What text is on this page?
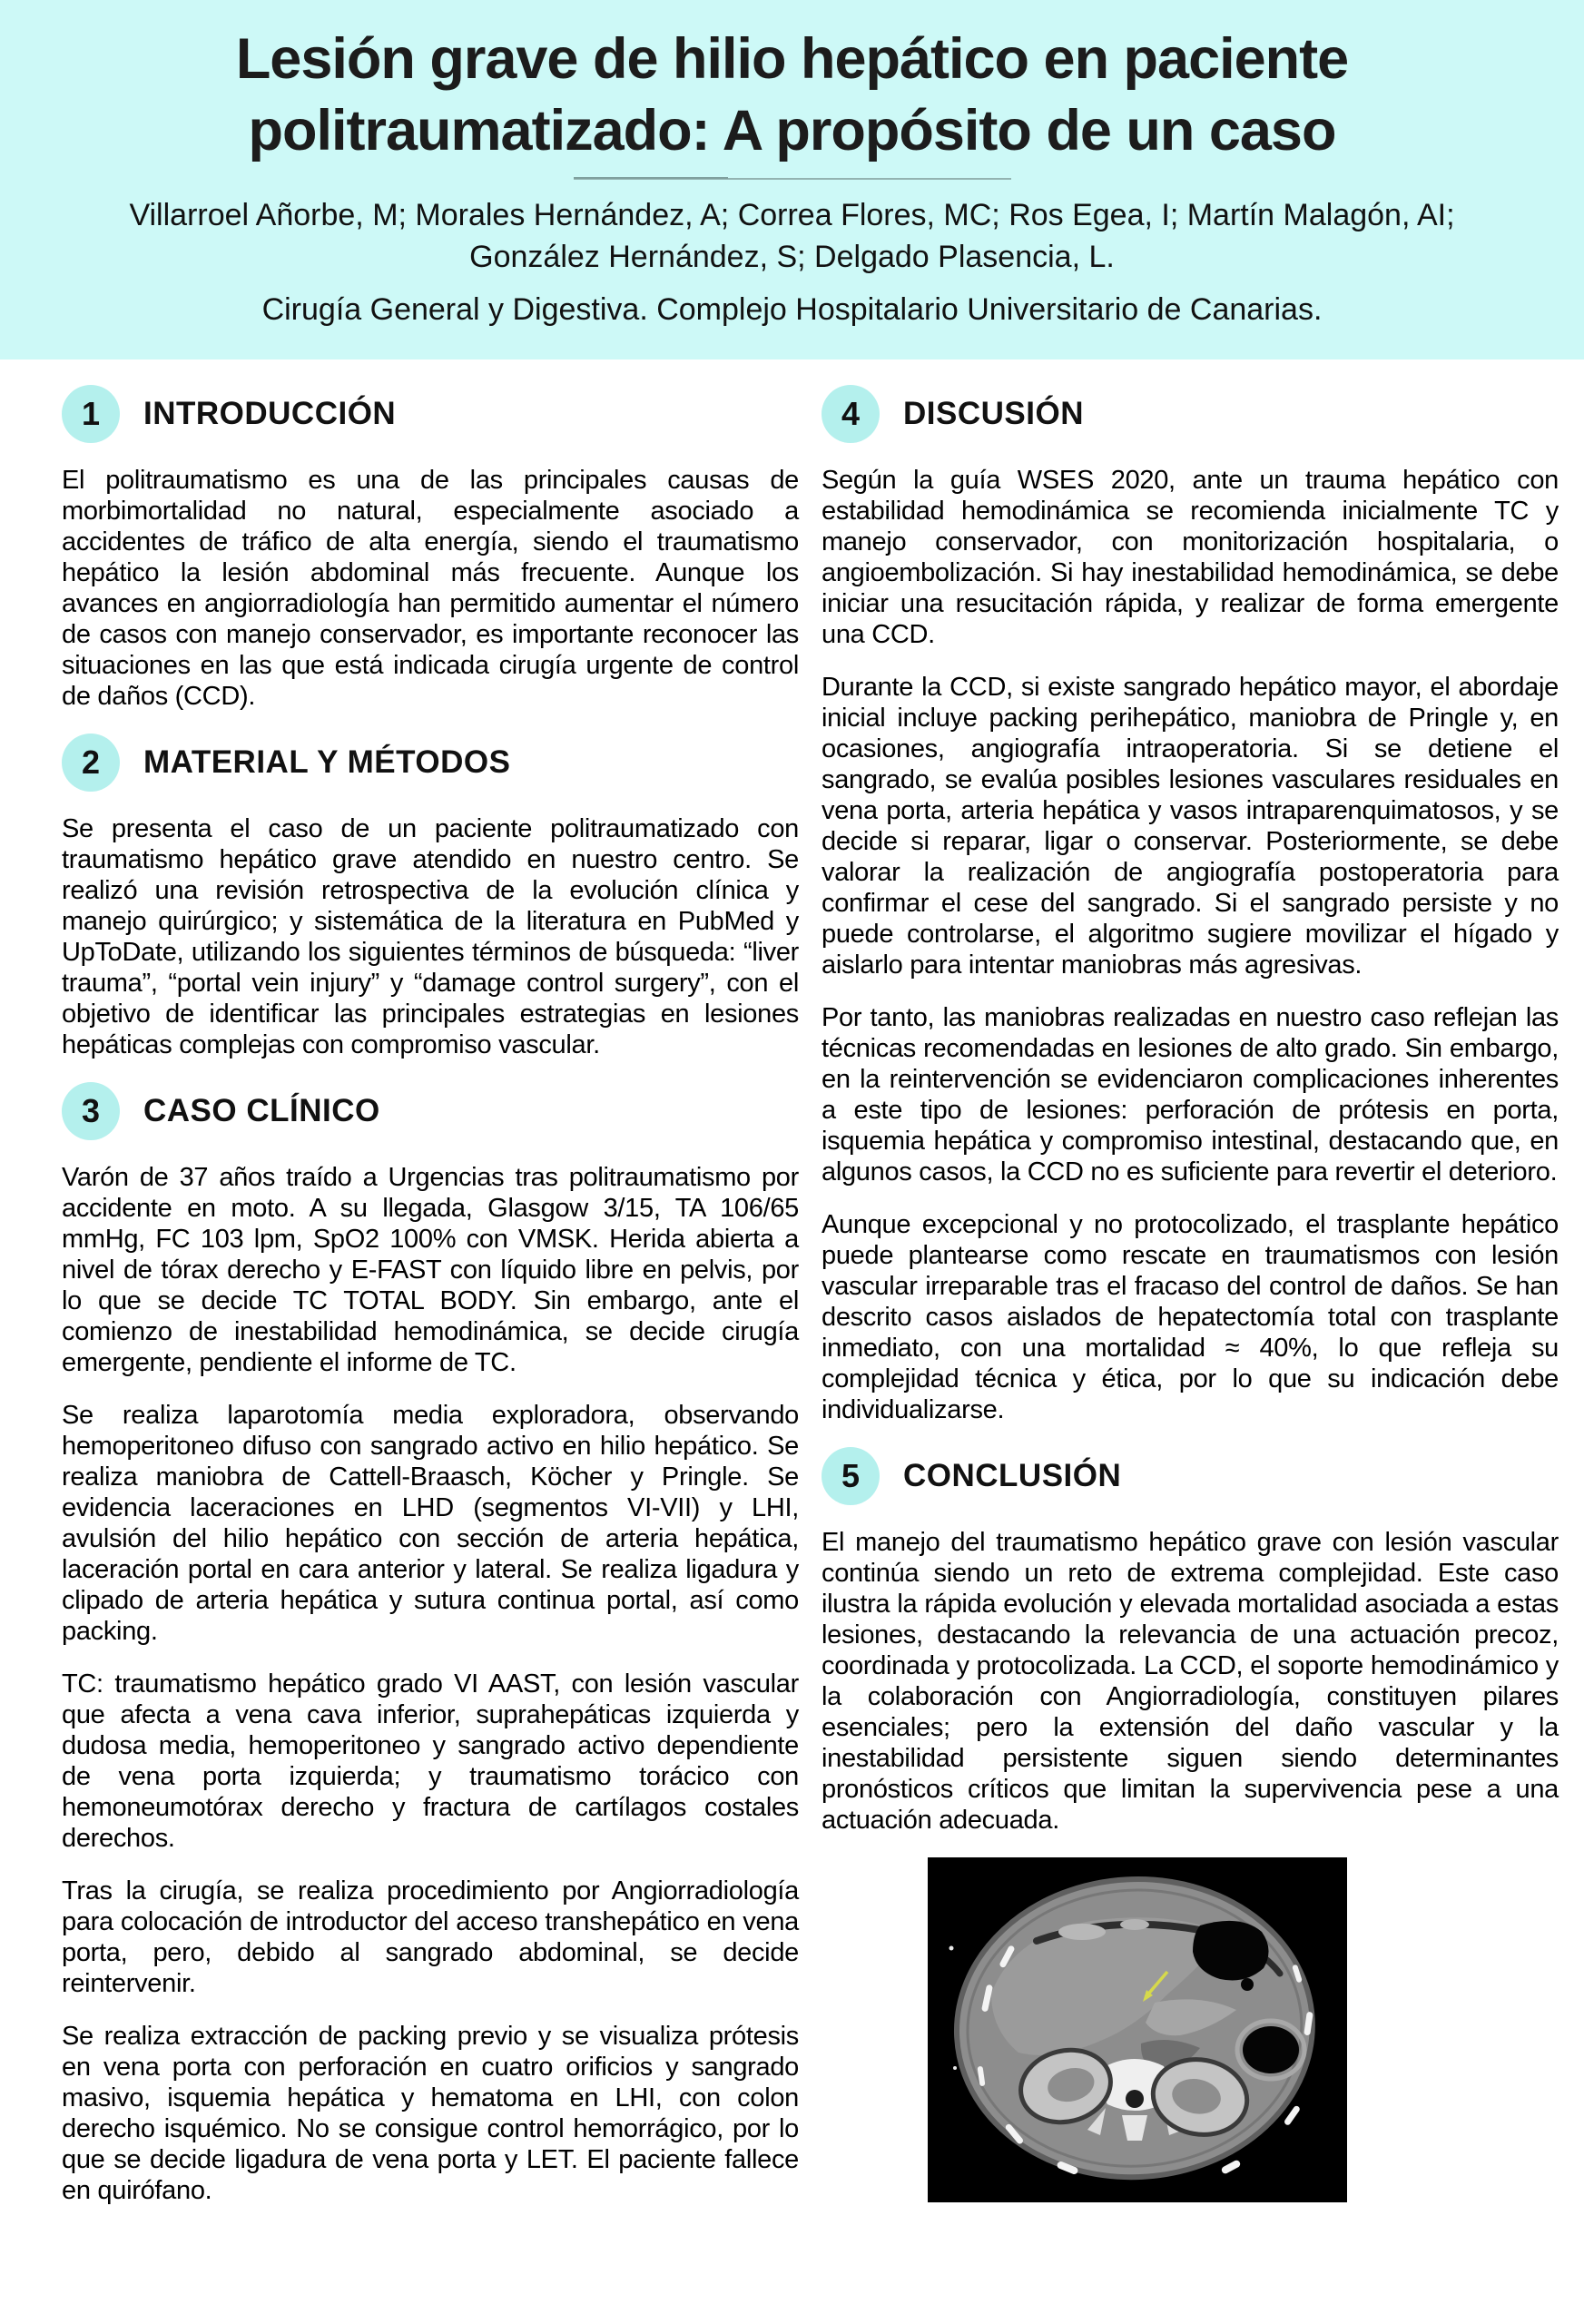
Lesión grave de hilio hepático en paciente
politraumatizado: A propósito de un caso
Villarroel Añorbe, M; Morales Hernández, A; Correa Flores, MC; Ros Egea, I; Martín Malagón, AI;
González Hernández, S; Delgado Plasencia, L.
Cirugía General y Digestiva. Complejo Hospitalario Universitario de Canarias.
1	INTRODUCCIÓN

El politraumatismo es una de las principales causas de morbimortalidad no natural, especialmente asociado a accidentes de tráfico de alta energía, siendo el traumatismo hepático la lesión abdominal más frecuente. Aunque los avances en angiorradiología han permitido aumentar el número de casos con manejo conservador, es importante reconocer las situaciones en las que está indicada cirugía urgente de control de daños (CCD).

2	MATERIAL Y MÉTODOS

Se presenta el caso de un paciente politraumatizado con traumatismo hepático grave atendido en nuestro centro. Se realizó una revisión retrospectiva de la evolución clínica y manejo quirúrgico; y sistemática de la literatura en PubMed y UpToDate, utilizando los siguientes términos de búsqueda: “liver trauma”, “portal vein injury” y “damage control surgery”, con el objetivo de identificar las principales estrategias en lesiones hepáticas complejas con compromiso vascular.

3	CASO CLÍNICO

Varón de 37 años traído a Urgencias tras politraumatismo por accidente en moto. A su llegada, Glasgow 3/15, TA 106/65 mmHg, FC 103 lpm, SpO2 100% con VMSK. Herida abierta a nivel de tórax derecho y E-FAST con líquido libre en pelvis, por lo que se decide TC TOTAL BODY. Sin embargo, ante el comienzo de inestabilidad hemodinámica, se decide cirugía emergente, pendiente el informe de TC.

Se realiza laparotomía media exploradora, observando hemoperitoneo difuso con sangrado activo en hilio hepático. Se realiza maniobra de Cattell-Braasch, Köcher y Pringle. Se evidencia laceraciones en LHD (segmentos VI-VII) y LHI, avulsión del hilio hepático con sección de arteria hepática, laceración portal en cara anterior y lateral. Se realiza ligadura y clipado de arteria hepática y sutura continua portal, así como packing.

TC: traumatismo hepático grado VI AAST, con lesión vascular que afecta a vena cava inferior, suprahepáticas izquierda y dudosa media, hemoperitoneo y sangrado activo dependiente de vena porta izquierda; y traumatismo torácico con hemoneumotórax derecho y fractura de cartílagos costales derechos.

Tras la cirugía, se realiza procedimiento por Angiorradiología para colocación de introductor del acceso transhepático en vena porta, pero, debido al sangrado abdominal, se decide reintervenir.

Se realiza extracción de packing previo y se visualiza prótesis en vena porta con perforación en cuatro orificios y sangrado masivo, isquemia hepática y hematoma en LHI, con colon derecho isquémico. No se consigue control hemorrágico, por lo que se decide ligadura de vena porta y LET. El paciente fallece en quirófano.

4	DISCUSIÓN

Según la guía WSES 2020, ante un trauma hepático con estabilidad hemodinámica se recomienda inicialmente TC y manejo conservador, con monitorización hospitalaria, o angioembolización. Si hay inestabilidad hemodinámica, se debe iniciar una resucitación rápida, y realizar de forma emergente una CCD.

Durante la CCD, si existe sangrado hepático mayor, el abordaje inicial incluye packing perihepático, maniobra de Pringle y, en ocasiones, angiografía intraoperatoria. Si se detiene el sangrado, se evalúa posibles lesiones vasculares residuales en vena porta, arteria hepática y vasos intraparenquimatosos, y se decide si reparar, ligar o conservar. Posteriormente, se debe valorar la realización de angiografía postoperatoria para confirmar el cese del sangrado. Si el sangrado persiste y no puede controlarse, el algoritmo sugiere movilizar el hígado y aislarlo para intentar maniobras más agresivas.

Por tanto, las maniobras realizadas en nuestro caso reflejan las técnicas recomendadas en lesiones de alto grado. Sin embargo, en la reintervención se evidenciaron complicaciones inherentes a este tipo de lesiones: perforación de prótesis en porta, isquemia hepática y compromiso intestinal, destacando que, en algunos casos, la CCD no es suficiente para revertir el deterioro.

Aunque excepcional y no protocolizado, el trasplante hepático puede plantearse como rescate en traumatismos con lesión vascular irreparable tras el fracaso del control de daños. Se han descrito casos aislados de hepatectomía total con trasplante inmediato, con una mortalidad ≈ 40%, lo que refleja su complejidad técnica y ética, por lo que su indicación debe individualizarse.

5	CONCLUSIÓN

El manejo del traumatismo hepático grave con lesión vascular continúa siendo un reto de extrema complejidad. Este caso ilustra la rápida evolución y elevada mortalidad asociada a estas lesiones, destacando la relevancia de una actuación precoz, coordinada y protocolizada. La CCD, el soporte hemodinámico y la colaboración con Angiorradiología, constituyen pilares esenciales; pero la extensión del daño vascular y la inestabilidad persistente siguen siendo determinantes pronósticos críticos que limitan la supervivencia pese a una actuación adecuada.
